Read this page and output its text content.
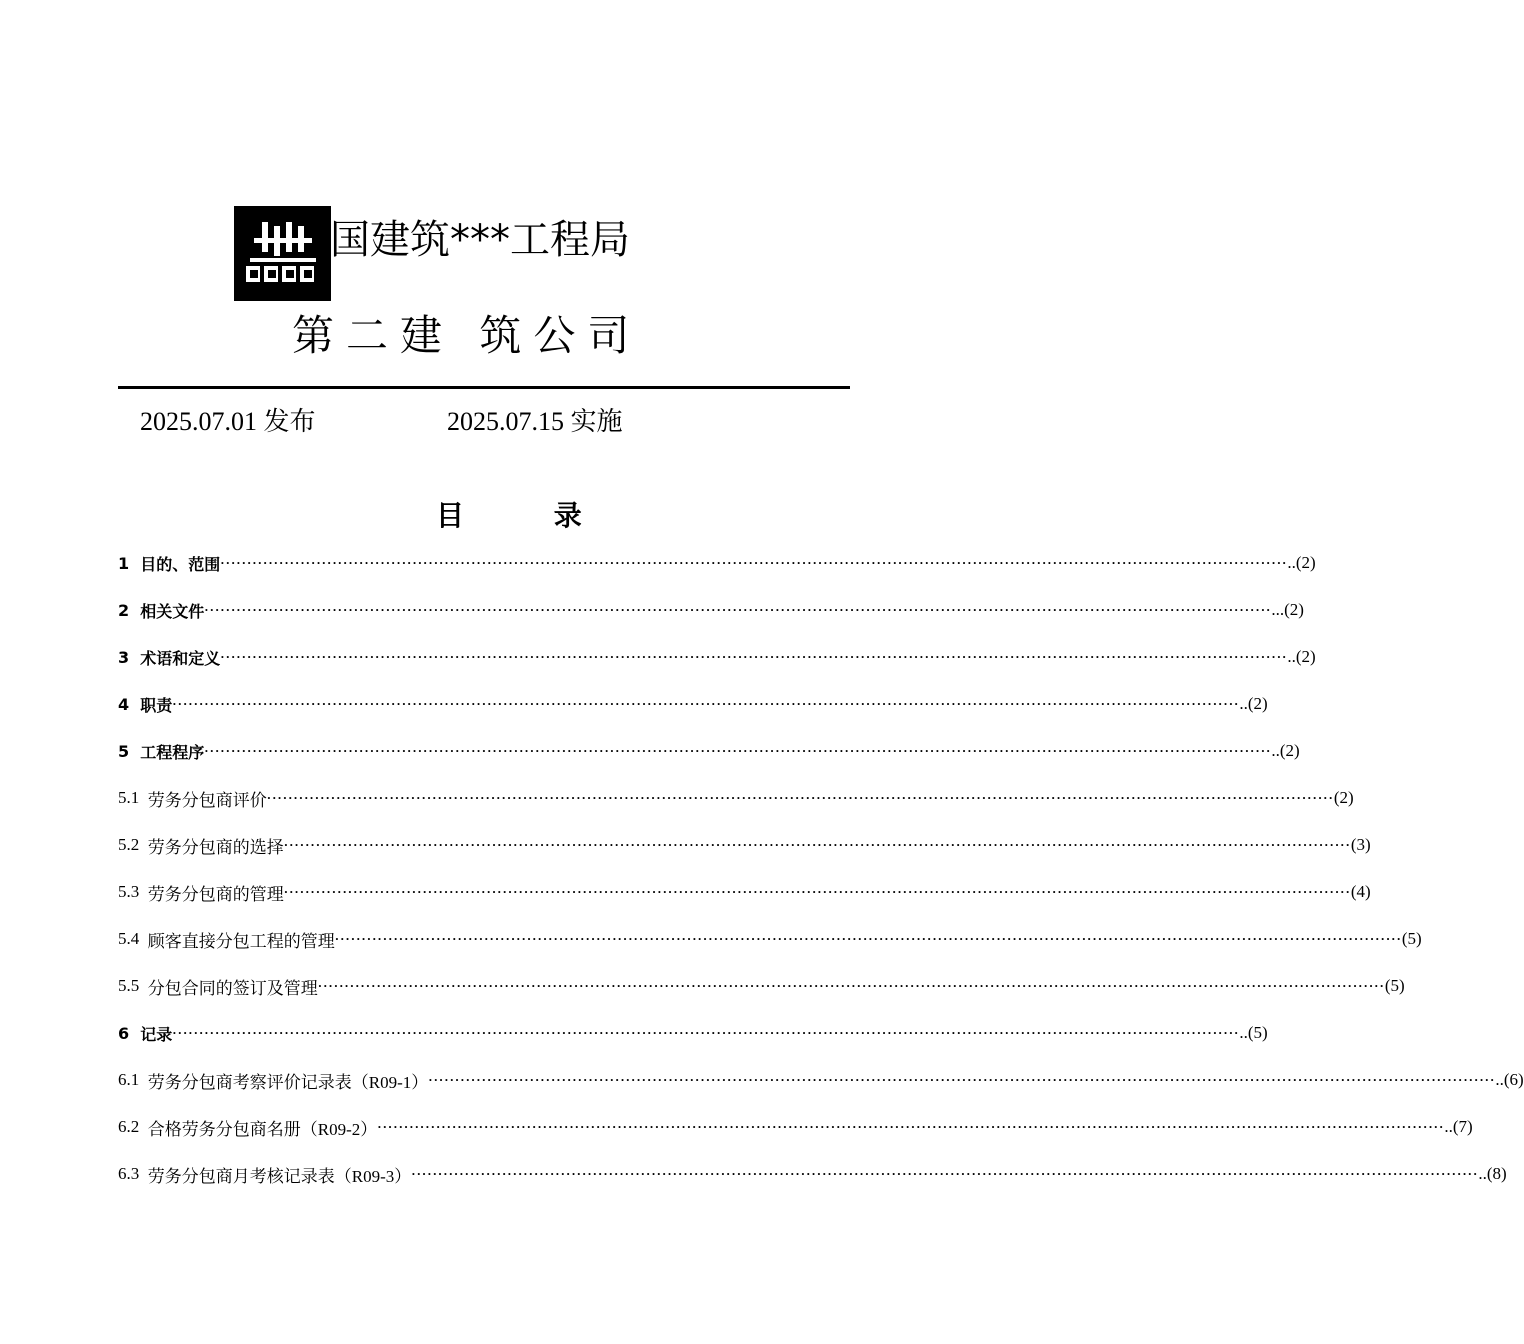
国建筑***工程局
第二建 筑公司
2025.07.01 发布	2025.07.15 实施
目 录
1 目的、范围 ········································································································································································································ ..(2)
2 相关文件 ········································································································································································································ ...(2)
3 术语和定义 ········································································································································································································ ..(2)
4 职责 ········································································································································································································ ..(2)
5 工程程序 ········································································································································································································ ..(2)
5.1 劳务分包商评价 ········································································································································································································ (2)
5.2 劳务分包商的选择 ········································································································································································································ (3)
5.3 劳务分包商的管理 ········································································································································································································ (4)
5.4 顾客直接分包工程的管理 ········································································································································································································ (5)
5.5 分包合同的签订及管理 ········································································································································································································ (5)
6 记录 ········································································································································································································ ..(5)
6.1 劳务分包商考察评价记录表（R09-1） ········································································································································································································ ..(6)
6.2 合格劳务分包商名册（R09-2） ········································································································································································································ ..(7)
6.3 劳务分包商月考核记录表（R09-3） ········································································································································································································ ..(8)
